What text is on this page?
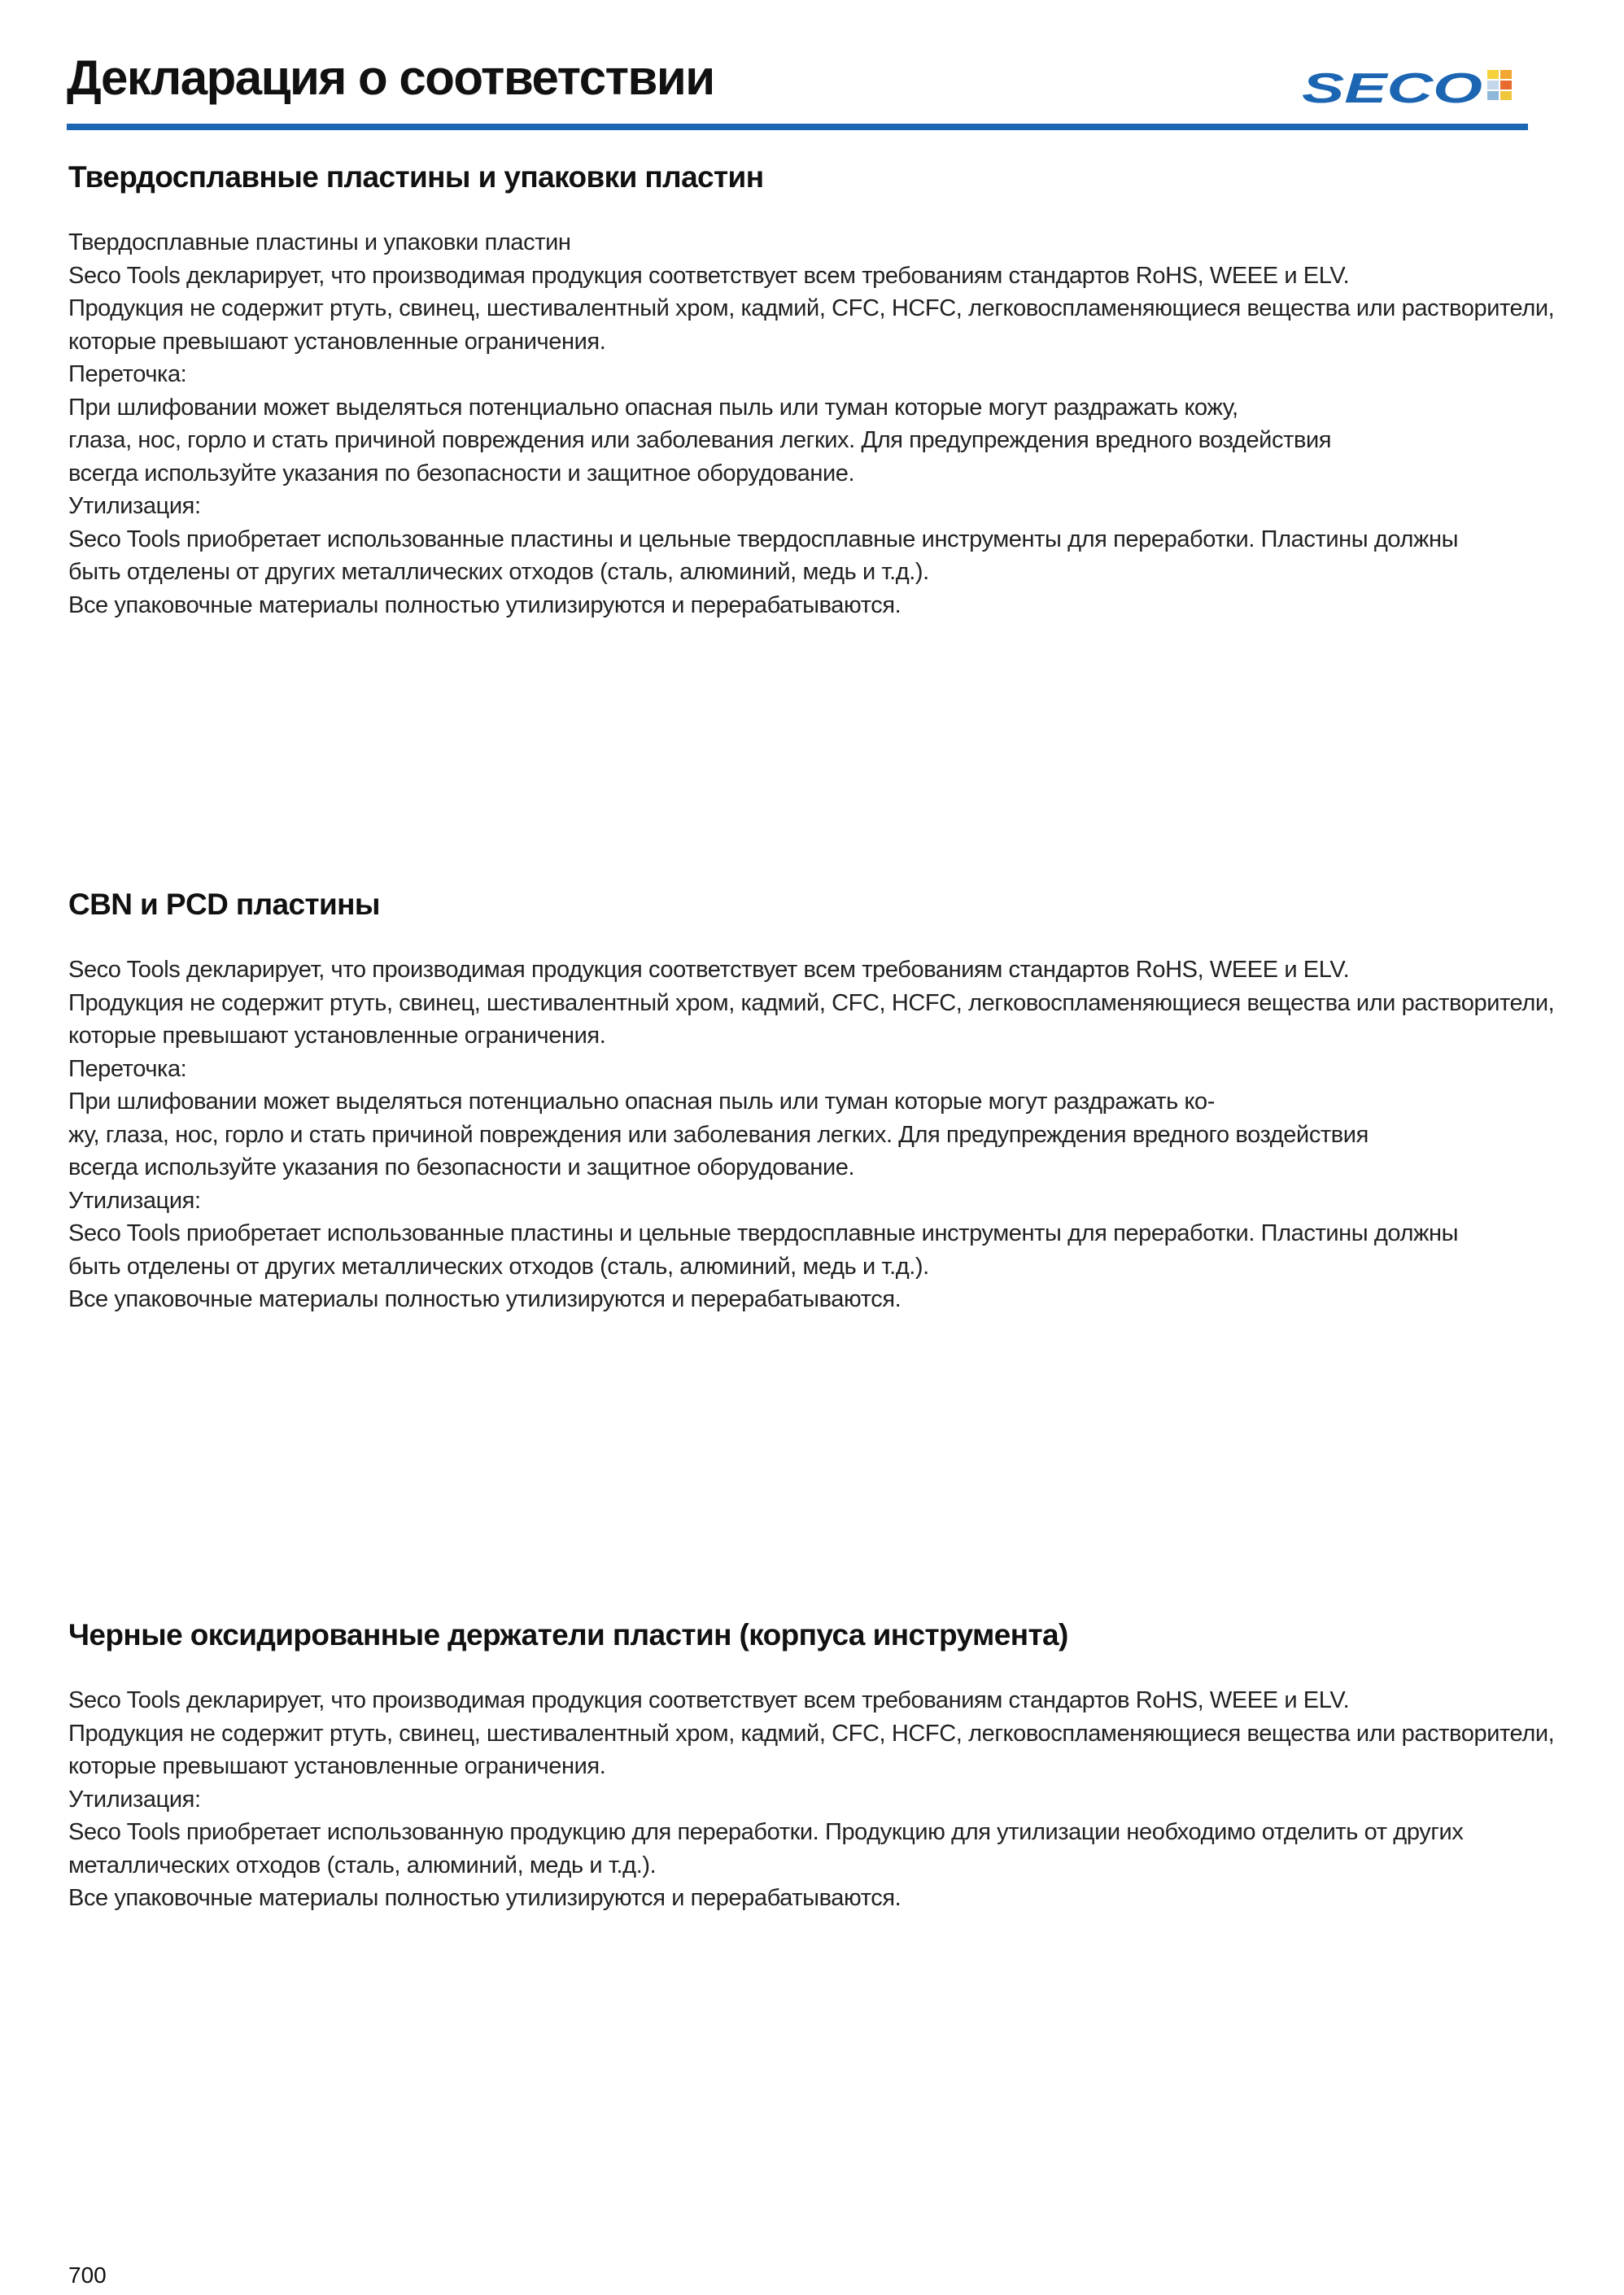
Декларация о соответствии	SECO
Твердосплавные пластины и упаковки пластин
Твердосплавные пластины и упаковки пластин
Seco Tools декларирует, что производимая продукция соответствует всем требованиям стандартов RoHS, WEEE и ELV.
Продукция не содержит ртуть, свинец, шестивалентный хром, кадмий, CFC, HCFC, легковоспламеняющиеся вещества или растворители,
которые превышают установленные ограничения.
Переточка:
При шлифовании может выделяться потенциально опасная пыль или туман которые могут раздражать кожу,
глаза, нос, горло и стать причиной повреждения или заболевания легких. Для предупреждения вредного воздействия
всегда используйте указания по безопасности и защитное оборудование.
Утилизация:
Seco Tools приобретает использованные пластины и цельные твердосплавные инструменты для переработки. Пластины должны
быть отделены от других металлических отходов (сталь, алюминий, медь и т.д.).
Все упаковочные материалы полностью утилизируются и перерабатываются.
CBN и PCD пластины
Seco Tools декларирует, что производимая продукция соответствует всем требованиям стандартов RoHS, WEEE и ELV.
Продукция не содержит ртуть, свинец, шестивалентный хром, кадмий, CFC, HCFC, легковоспламеняющиеся вещества или растворители,
которые превышают установленные ограничения.
Переточка:
При шлифовании может выделяться потенциально опасная пыль или туман которые могут раздражать ко-
жу, глаза, нос, горло и стать причиной повреждения или заболевания легких. Для предупреждения вредного воздействия
всегда используйте указания по безопасности и защитное оборудование.
Утилизация:
Seco Tools приобретает использованные пластины и цельные твердосплавные инструменты для переработки. Пластины должны
быть отделены от других металлических отходов (сталь, алюминий, медь и т.д.).
Все упаковочные материалы полностью утилизируются и перерабатываются.
Черные оксидированные держатели пластин (корпуса инструмента)
Seco Tools декларирует, что производимая продукция соответствует всем требованиям стандартов RoHS, WEEE и ELV.
Продукция не содержит ртуть, свинец, шестивалентный хром, кадмий, CFC, HCFC, легковоспламеняющиеся вещества или растворители,
которые превышают установленные ограничения.
Утилизация:
Seco Tools приобретает использованную продукцию для переработки. Продукцию для утилизации необходимо отделить от других
металлических отходов (сталь, алюминий, медь и т.д.).
Все упаковочные материалы полностью утилизируются и перерабатываются.
700
